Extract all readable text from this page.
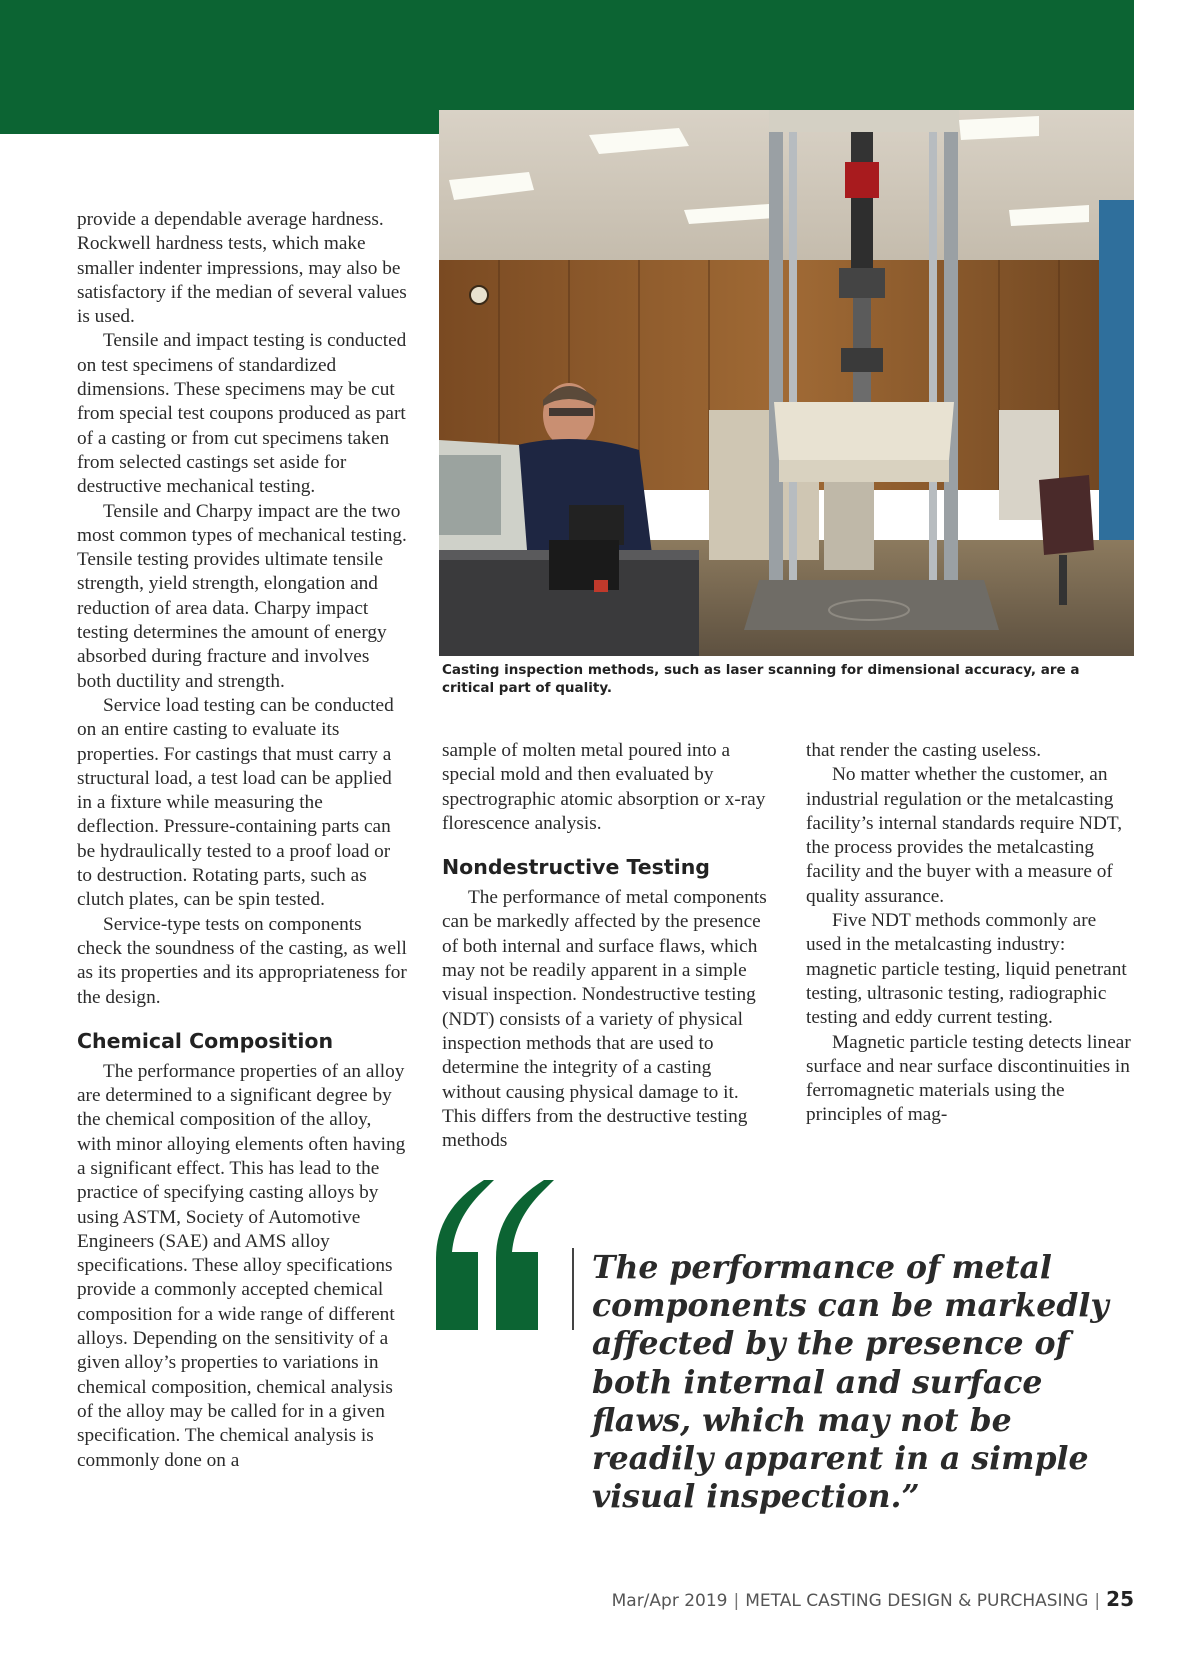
Casting inspection methods, such as laser scanning for dimensional accuracy, are a critical part of quality.

provide a dependable average hardness. Rockwell hardness tests, which make smaller indenter impressions, may also be satisfactory if the median of several values is used.

Tensile and impact testing is conducted on test specimens of standardized dimensions. These specimens may be cut from special test coupons produced as part of a casting or from cut specimens taken from selected castings set aside for destructive mechanical testing.

Tensile and Charpy impact are the two most common types of mechanical testing. Tensile testing provides ultimate tensile strength, yield strength, elongation and reduction of area data. Charpy impact testing determines the amount of energy absorbed during fracture and involves both ductility and strength.

Service load testing can be conducted on an entire casting to evaluate its properties. For castings that must carry a structural load, a test load can be applied in a fixture while measuring the deflection. Pressure-containing parts can be hydraulically tested to a proof load or to destruction. Rotating parts, such as clutch plates, can be spin tested.

Service-type tests on components check the soundness of the casting, as well as its properties and its appropriateness for the design.

Chemical Composition

The performance properties of an alloy are determined to a significant degree by the chemical composition of the alloy, with minor alloying elements often having a significant effect. This has lead to the practice of specifying casting alloys by using ASTM, Society of Automotive Engineers (SAE) and AMS alloy specifications. These alloy specifications provide a commonly accepted chemical composition for a wide range of different alloys. Depending on the sensitivity of a given alloy’s properties to variations in chemical composition, chemical analysis of the alloy may be called for in a given specification. The chemical analysis is commonly done on a

sample of molten metal poured into a special mold and then evaluated by spectrographic atomic absorption or x-ray florescence analysis.

Nondestructive Testing

The performance of metal components can be markedly affected by the presence of both internal and surface flaws, which may not be readily apparent in a simple visual inspection. Nondestructive testing (NDT) consists of a variety of physical inspection methods that are used to determine the integrity of a casting without causing physical damage to it. This differs from the destructive testing methods

that render the casting useless.

No matter whether the customer, an industrial regulation or the metalcasting facility’s internal standards require NDT, the process provides the metalcasting facility and the buyer with a measure of quality assurance.

Five NDT methods commonly are used in the metalcasting industry: magnetic particle testing, liquid penetrant testing, ultrasonic testing, radiographic testing and eddy current testing.

Magnetic particle testing detects linear surface and near surface discontinuities in ferromagnetic materials using the principles of mag-

The performance of metal components can be markedly affected by the presence of both internal and surface flaws, which may not be readily apparent in a simple visual inspection.”

Mar/Apr 2019 | METAL CASTING DESIGN & PURCHASING | 25
